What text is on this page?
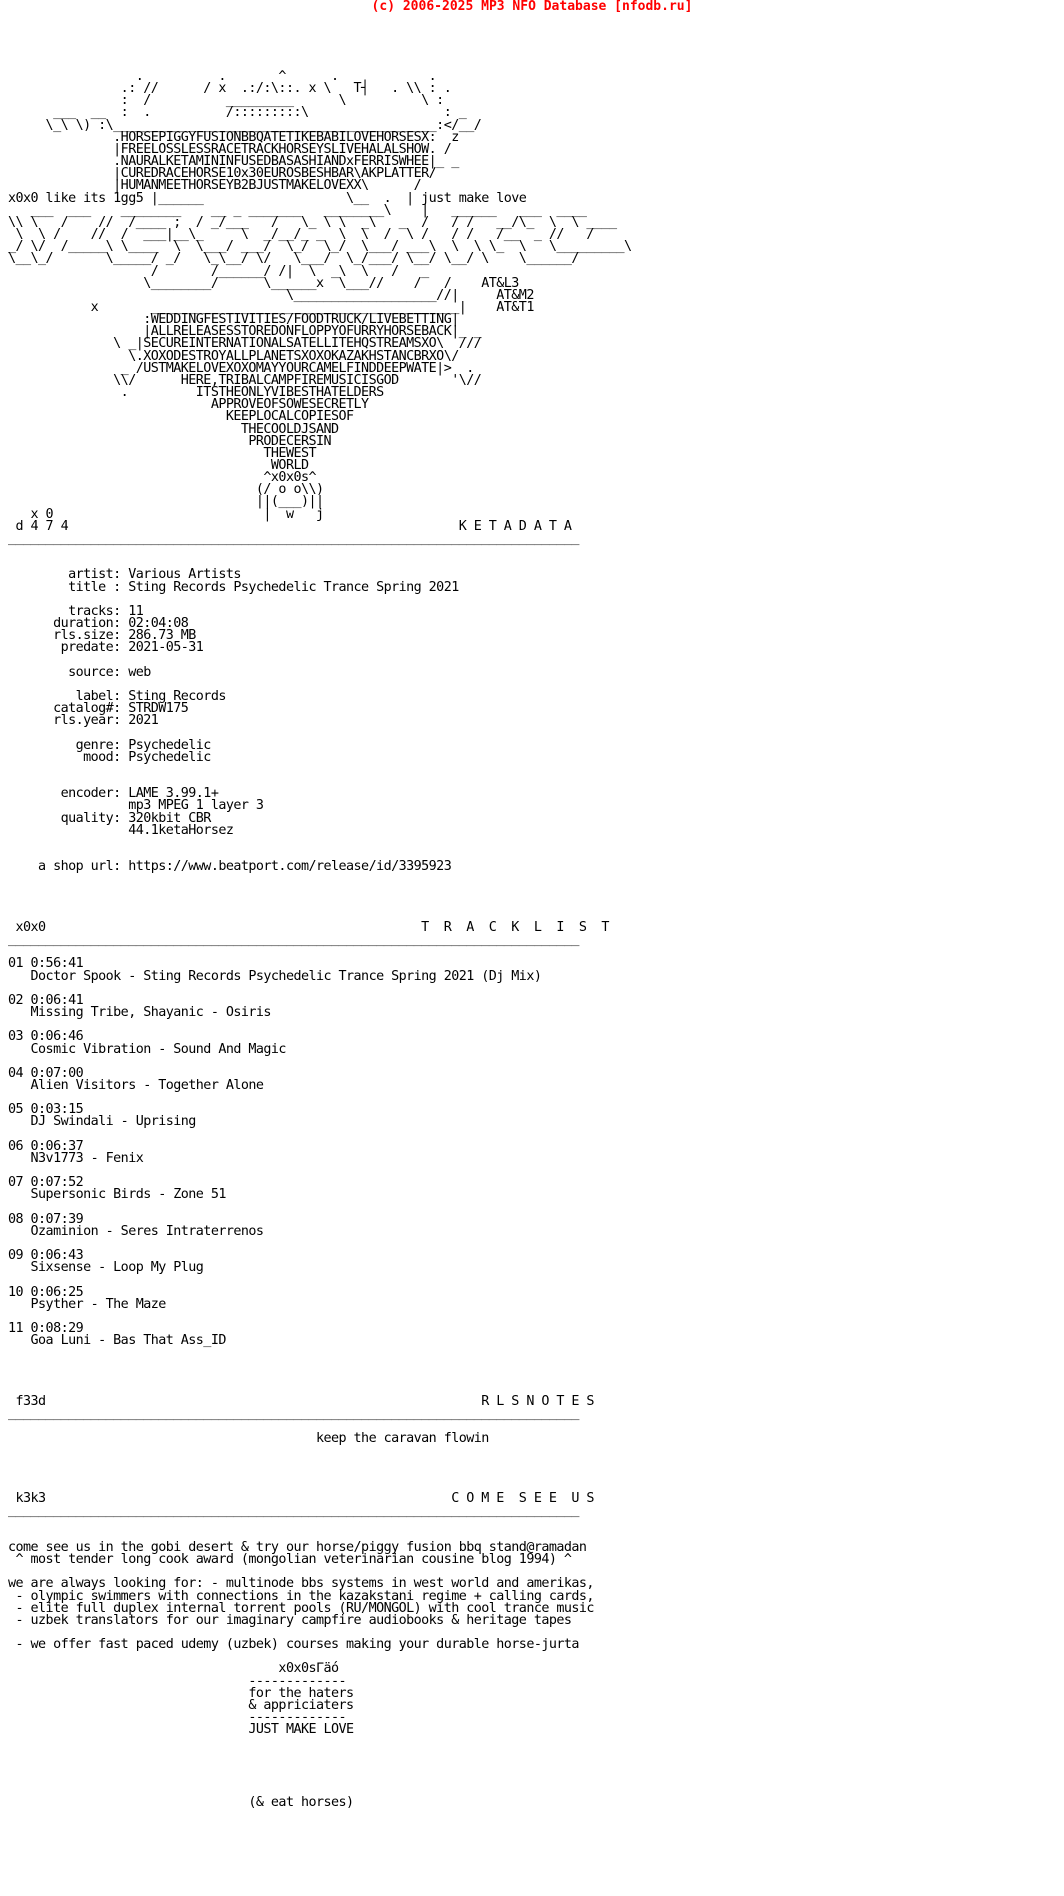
(c) 2006-2025 MP3 NFO Database [nfodb.ru]
.          .       ^      .            .
.: //      / x  .:/:\::. x \   T┤   . \\ : .
:  /          _________      \          \ :
___  __  :  .          /:::::::::\                  : _
\_\ \) :\___________________________________________:</__/
.HORSEPIGGYFUSIONBBQATETIKEBABILOVEHORSESX:  z
|FREELOSSLESSRACETRACKHORSEYSLIVEHALALSHOW. /
.NAURALKETAMININFUSEDBASASHIANDxFERRISWHEE|_ _
|CUREDRACEHORSE10x30EUROSBESHBAR\AKPLATTER/
|HUMANMEETHORSEYB2BJUSTMAKELOVEXX\      /
x0x0 like its 1gg5 |______                   \__  .  | just make love
___  ___    ________    __ _ _______   ________\    |   ______   ___  ____
\\ \   /    //  /____ ;  / _/___   /   \_ \ \  _\   _  /   / /   __/\_  \  \ ____
\  \ /    //  /  ___|__\_     \  _/__/_ _  \  \  /  \ /   / /   /__  _ //   /
_/ \/  /_____\ \____  \  \___/ ___/  \_/  \_/  \___/ ___\  \  \ \_  \   \_________\
\__\_/       \_____/ _/   \_\__/ \/   \___/  \_/___/ \__/ \__/ \    \______/
/       /______/ /|  \  _\  \   /   _
\________/      \______x  \___//    /   /    AT&L3
\___________________//|     AT&M2
x       _________________________________________|    AT&T1
:WEDDINGFESTIVITIES/FOODTRUCK/LIVEBETTING|
|ALLRELEASESSTOREDONFLOPPYOFURRYHORSEBACK|_ _
\ _|SECUREINTERNATIONALSATELLITEHQSTREAMSXO\  ///
\.XOXODESTROYALLPLANETSXOXOKAZAKHSTANCBRXO\/
_ /USTMAKELOVEXOXOMAYYOURCAMELFINDDEEPWATE|>  .
\\/      HERE,TRIBALCAMPFIREMUSICISGOD       '\//
.         ITSTHEONLYVIBESTHATELDERS
APPROVEOFSOWESECRETLY
KEEPLOCALCOPIESOF
THECOOLDJSAND
PRODECERSIN
THEWEST
WORLD
^x0x0s^
(/ o o\\)
||(___)||
x 0                            |  w   j
d 4 7 4                                                    K E T A D A T A
____________________________________________________________________________

artist: Various Artists
title : Sting Records Psychedelic Trance Spring 2021

tracks: 11
duration: 02:04:08
rls.size: 286.73 MB
predate: 2021-05-31

source: web

label: Sting Records
catalog#: STRDW175
rls.year: 2021

genre: Psychedelic
mood: Psychedelic

encoder: LAME 3.99.1+
mp3 MPEG 1 layer 3
quality: 320kbit CBR
44.1ketaHorsez

a shop url: https://www.beatport.com/release/id/3395923

x0x0                                                  T  R  A  C  K  L  I  S  T
____________________________________________________________________________

01 0:56:41
Doctor Spook - Sting Records Psychedelic Trance Spring 2021 (Dj Mix)

02 0:06:41
Missing Tribe, Shayanic - Osiris

03 0:06:46
Cosmic Vibration - Sound And Magic

04 0:07:00
Alien Visitors - Together Alone

05 0:03:15
DJ Swindali - Uprising

06 0:06:37
N3v1773 - Fenix

07 0:07:52
Supersonic Birds - Zone 51

08 0:07:39
Ozaminion - Seres Intraterrenos

09 0:06:43
Sixsense - Loop My Plug

10 0:06:25
Psyther - The Maze

11 0:08:29
Goa Luni - Bas That Ass_ID

f33d                                                          R L S N O T E S
____________________________________________________________________________

keep the caravan flowin

k3k3                                                      C O M E  S E E  U S
____________________________________________________________________________

come see us in the gobi desert & try our horse/piggy fusion bbq stand@ramadan
^ most tender long cook award (mongolian veterinarian cousine blog 1994) ^

we are always looking for: - multinode bbs systems in west world and amerikas,
- olympic swimmers with connections in the kazakstani regime + calling cards,
- elite full duplex internal torrent pools (RU/MONGOL) with cool trance music
- uzbek translators for our imaginary campfire audiobooks & heritage tapes

- we offer fast paced udemy (uzbek) courses making your durable horse-jurta

x0x0sΓäó
-------------
for the haters
& appriciaters
-------------
JUST MAKE LOVE

(& eat horses)
